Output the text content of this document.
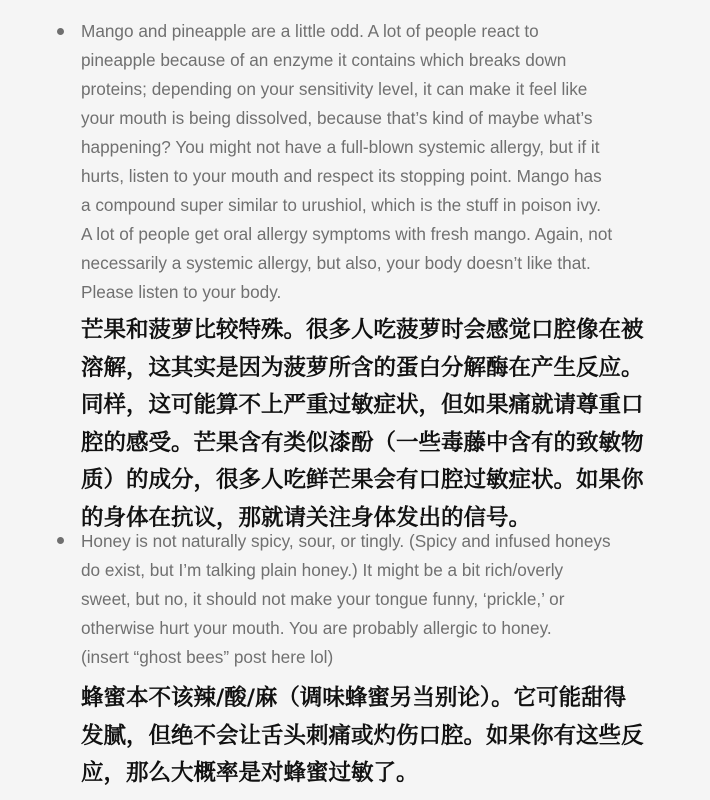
Mango and pineapple are a little odd. A lot of people react to
pineapple because of an enzyme it contains which breaks down
proteins; depending on your sensitivity level, it can make it feel like
your mouth is being dissolved, because that’s kind of maybe what’s
happening? You might not have a full-blown systemic allergy, but if it
hurts, listen to your mouth and respect its stopping point. Mango has
a compound super similar to urushiol, which is the stuff in poison ivy.
A lot of people get oral allergy symptoms with fresh mango. Again, not
necessarily a systemic allergy, but also, your body doesn’t like that.
Please listen to your body.
芒果和菠萝比较特殊。很多人吃菠萝时会感觉口腔像在被
溶解，这其实是因为菠萝所含的蛋白分解酶在产生反应。
同样，这可能算不上严重过敏症状，但如果痛就请尊重口
腔的感受。芒果含有类似漆酚（一些毒藤中含有的致敏物
质）的成分，很多人吃鲜芒果会有口腔过敏症状。如果你
的身体在抗议，那就请关注身体发出的信号。
Honey is not naturally spicy, sour, or tingly. (Spicy and infused honeys
do exist, but I’m talking plain honey.) It might be a bit rich/overly
sweet, but no, it should not make your tongue funny, ‘prickle,’ or
otherwise hurt your mouth. You are probably allergic to honey.
(insert “ghost bees” post here lol)
蜂蜜本不该辣/酸/麻（调味蜂蜜另当别论）。它可能甜得
发腻，但绝不会让舌头刺痛或灼伤口腔。如果你有这些反
应，那么大概率是对蜂蜜过敏了。
